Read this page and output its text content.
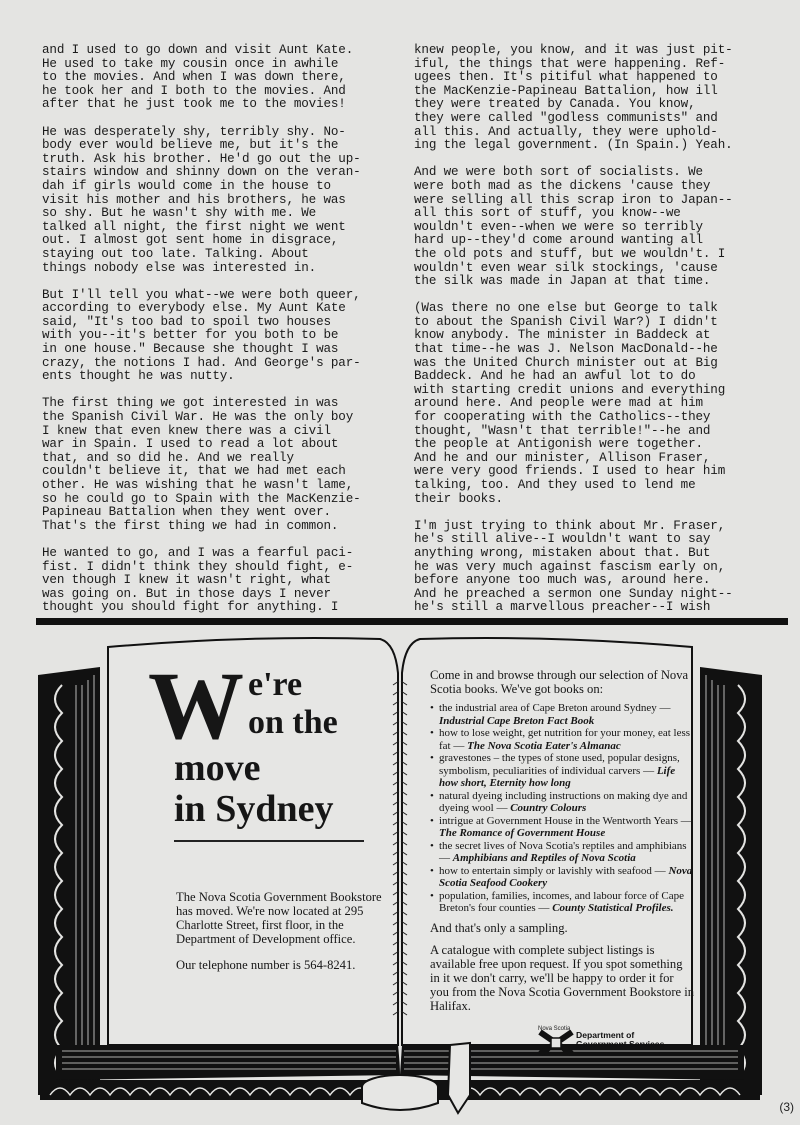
and I used to go down and visit Aunt Kate.
He used to take my cousin once in awhile
to the movies. And when I was down there,
he took her and I both to the movies. And
after that he just took me to the movies!

He was desperately shy, terribly shy. No-
body ever would believe me, but it's the
truth. Ask his brother. He'd go out the up-
stairs window and shinny down on the veran-
dah if girls would come in the house to
visit his mother and his brothers, he was
so shy. But he wasn't shy with me. We
talked all night, the first night we went
out. I almost got sent home in disgrace,
staying out too late. Talking. About
things nobody else was interested in.

But I'll tell you what--we were both queer,
according to everybody else. My Aunt Kate
said, "It's too bad to spoil two houses
with you--it's better for you both to be
in one house." Because she thought I was
crazy, the notions I had. And George's par-
ents thought he was nutty.

The first thing we got interested in was
the Spanish Civil War. He was the only boy
I knew that even knew there was a civil
war in Spain. I used to read a lot about
that, and so did he. And we really
couldn't believe it, that we had met each
other. He was wishing that he wasn't lame,
so he could go to Spain with the MacKenzie-
Papineau Battalion when they went over.
That's the first thing we had in common.

He wanted to go, and I was a fearful paci-
fist. I didn't think they should fight, e-
ven though I knew it wasn't right, what
was going on. But in those days I never
thought you should fight for anything. I

knew people, you know, and it was just pit-
iful, the things that were happening. Ref-
ugees then. It's pitiful what happened to
the MacKenzie-Papineau Battalion, how ill
they were treated by Canada. You know,
they were called "godless communists" and
all this. And actually, they were uphold-
ing the legal government. (In Spain.) Yeah.

And we were both sort of socialists. We
were both mad as the dickens 'cause they
were selling all this scrap iron to Japan--
all this sort of stuff, you know--we
wouldn't even--when we were so terribly
hard up--they'd come around wanting all
the old pots and stuff, but we wouldn't. I
wouldn't even wear silk stockings, 'cause
the silk was made in Japan at that time.

(Was there no one else but George to talk
to about the Spanish Civil War?) I didn't
know anybody. The minister in Baddeck at
that time--he was J. Nelson MacDonald--he
was the United Church minister out at Big
Baddeck. And he had an awful lot to do
with starting credit unions and everything
around here. And people were mad at him
for cooperating with the Catholics--they
thought, "Wasn't that terrible!"--he and
the people at Antigonish were together.
And he and our minister, Allison Fraser,
were very good friends. I used to hear him
talking, too. And they used to lend me
their books.

I'm just trying to think about Mr. Fraser,
he's still alive--I wouldn't want to say
anything wrong, mistaken about that. But
he was very much against fascism early on,
before anyone too much was, around here.
And he preached a sermon one Sunday night--
he's still a marvellous preacher--I wish

W e're
on the
move
in Sydney

The Nova Scotia Government Bookstore has moved. We're now located at 295 Charlotte Street, first floor, in the Department of Development office.

Our telephone number is 564-8241.

Come in and browse through our selection of Nova Scotia books. We've got books on:

• the industrial area of Cape Breton around Sydney — Industrial Cape Breton Fact Book
• how to lose weight, get nutrition for your money, eat less fat — The Nova Scotia Eater's Almanac
• gravestones – the types of stone used, popular designs, symbolism, peculiarities of individual carvers — Life how short, Eternity how long
• natural dyeing including instructions on making dye and dyeing wool — Country Colours
• intrigue at Government House in the Wentworth Years — The Romance of Government House
• the secret lives of Nova Scotia's reptiles and amphibians — Amphibians and Reptiles of Nova Scotia
• how to entertain simply or lavishly with seafood — Nova Scotia Seafood Cookery
• population, families, incomes, and labour force of Cape Breton's four counties — County Statistical Profiles.

And that's only a sampling.

A catalogue with complete subject listings is available free upon request. If you spot something in it we don't carry, we'll be happy to order it for you from the Nova Scotia Government Bookstore in Halifax.

Nova Scotia
Department of
Government Services
(3)
